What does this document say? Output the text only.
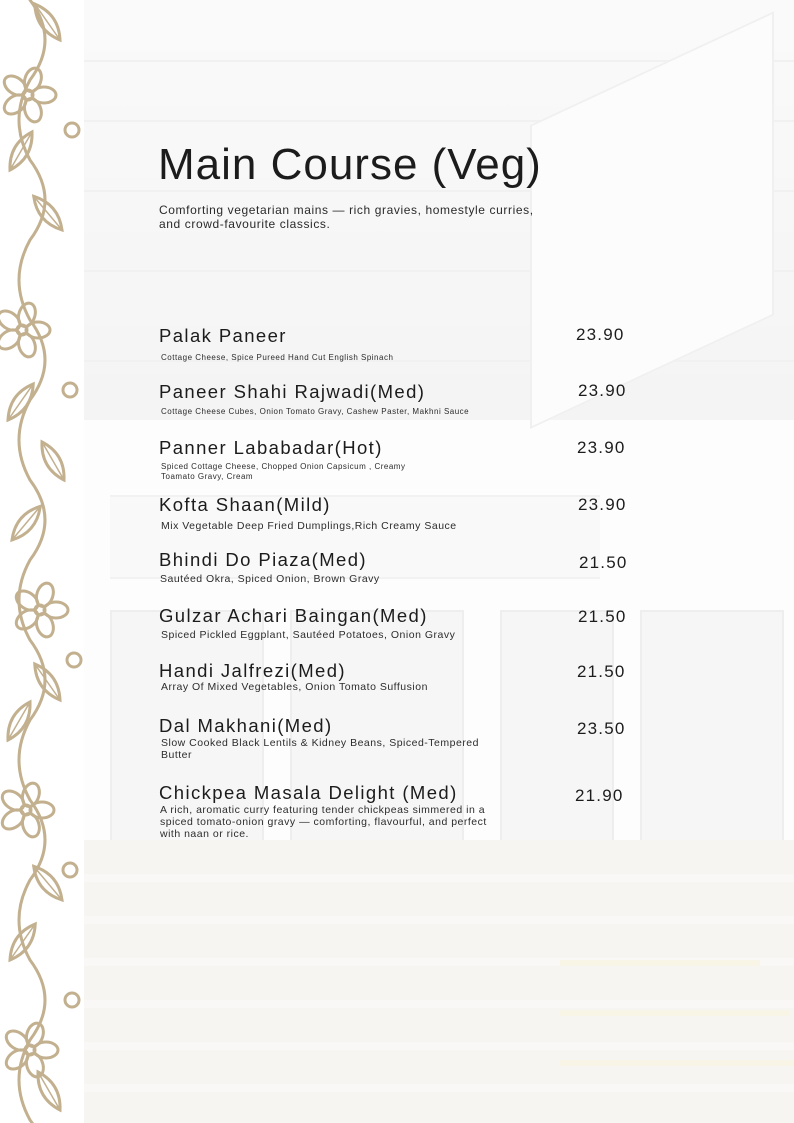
Main Course (Veg)

Comforting vegetarian mains — rich gravies, homestyle curries, and crowd-favourite classics.

Palak Paneer	23.90
Cottage Cheese, Spice Pureed Hand Cut English Spinach
Paneer Shahi Rajwadi(Med)	23.90
Cottage Cheese Cubes, Onion Tomato Gravy, Cashew Paster, Makhni Sauce
Panner Lababadar(Hot)	23.90
Spiced Cottage Cheese, Chopped Onion Capsicum , Creamy Toamato Gravy, Cream
Kofta Shaan(Mild)	23.90
Mix Vegetable Deep Fried Dumplings,Rich Creamy Sauce
Bhindi Do Piaza(Med)	21.50
Sautéed Okra, Spiced Onion, Brown Gravy
Gulzar Achari Baingan(Med)	21.50
Spiced Pickled Eggplant, Sautéed Potatoes, Onion Gravy
Handi Jalfrezi(Med)	21.50
Array Of Mixed Vegetables, Onion Tomato Suffusion
Dal Makhani(Med)	23.50
Slow Cooked Black Lentils & Kidney Beans, Spiced-Tempered Butter
Chickpea Masala Delight (Med)	21.90
A rich, aromatic curry featuring tender chickpeas simmered in a spiced tomato-onion gravy — comforting, flavourful, and perfect with naan or rice.
